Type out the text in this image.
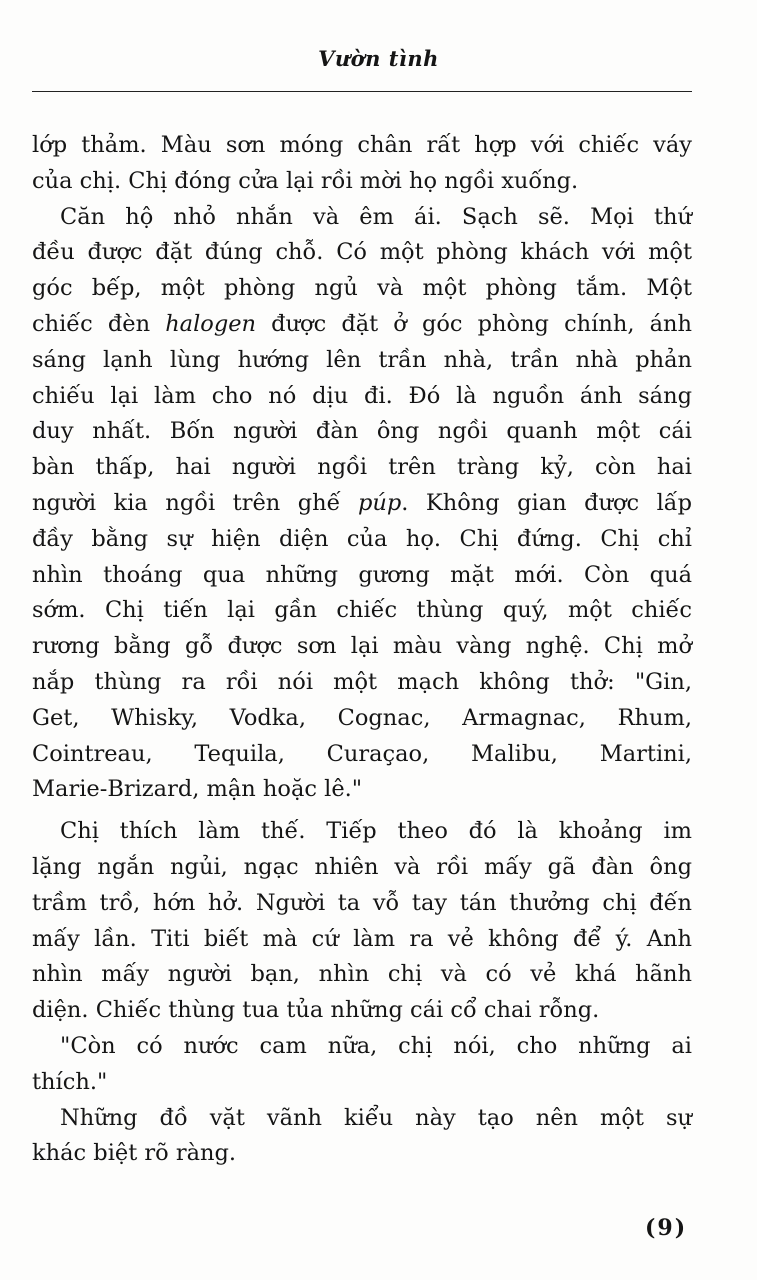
Vườn tình
lớp thảm. Màu sơn móng chân rất hợp với chiếc váy
của chị. Chị đóng cửa lại rồi mời họ ngồi xuống.
Căn hộ nhỏ nhắn và êm ái. Sạch sẽ. Mọi thứ
đều được đặt đúng chỗ. Có một phòng khách với một
góc bếp, một phòng ngủ và một phòng tắm. Một
chiếc đèn halogen được đặt ở góc phòng chính, ánh
sáng lạnh lùng hướng lên trần nhà, trần nhà phản
chiếu lại làm cho nó dịu đi. Đó là nguồn ánh sáng
duy nhất. Bốn người đàn ông ngồi quanh một cái
bàn thấp, hai người ngồi trên tràng kỷ, còn hai
người kia ngồi trên ghế púp. Không gian được lấp
đầy bằng sự hiện diện của họ. Chị đứng. Chị chỉ
nhìn thoáng qua những gương mặt mới. Còn quá
sớm. Chị tiến lại gần chiếc thùng quý, một chiếc
rương bằng gỗ được sơn lại màu vàng nghệ. Chị mở
nắp thùng ra rồi nói một mạch không thở: "Gin,
Get, Whisky, Vodka, Cognac, Armagnac, Rhum,
Cointreau, Tequila, Curaçao, Malibu, Martini,
Marie-Brizard, mận hoặc lê."
Chị thích làm thế. Tiếp theo đó là khoảng im
lặng ngắn ngủi, ngạc nhiên và rồi mấy gã đàn ông
trầm trồ, hớn hở. Người ta vỗ tay tán thưởng chị đến
mấy lần. Titi biết mà cứ làm ra vẻ không để ý. Anh
nhìn mấy người bạn, nhìn chị và có vẻ khá hãnh
diện. Chiếc thùng tua tủa những cái cổ chai rỗng.
"Còn có nước cam nữa, chị nói, cho những ai
thích."
Những đồ vặt vãnh kiểu này tạo nên một sự
khác biệt rõ ràng.
(9)
